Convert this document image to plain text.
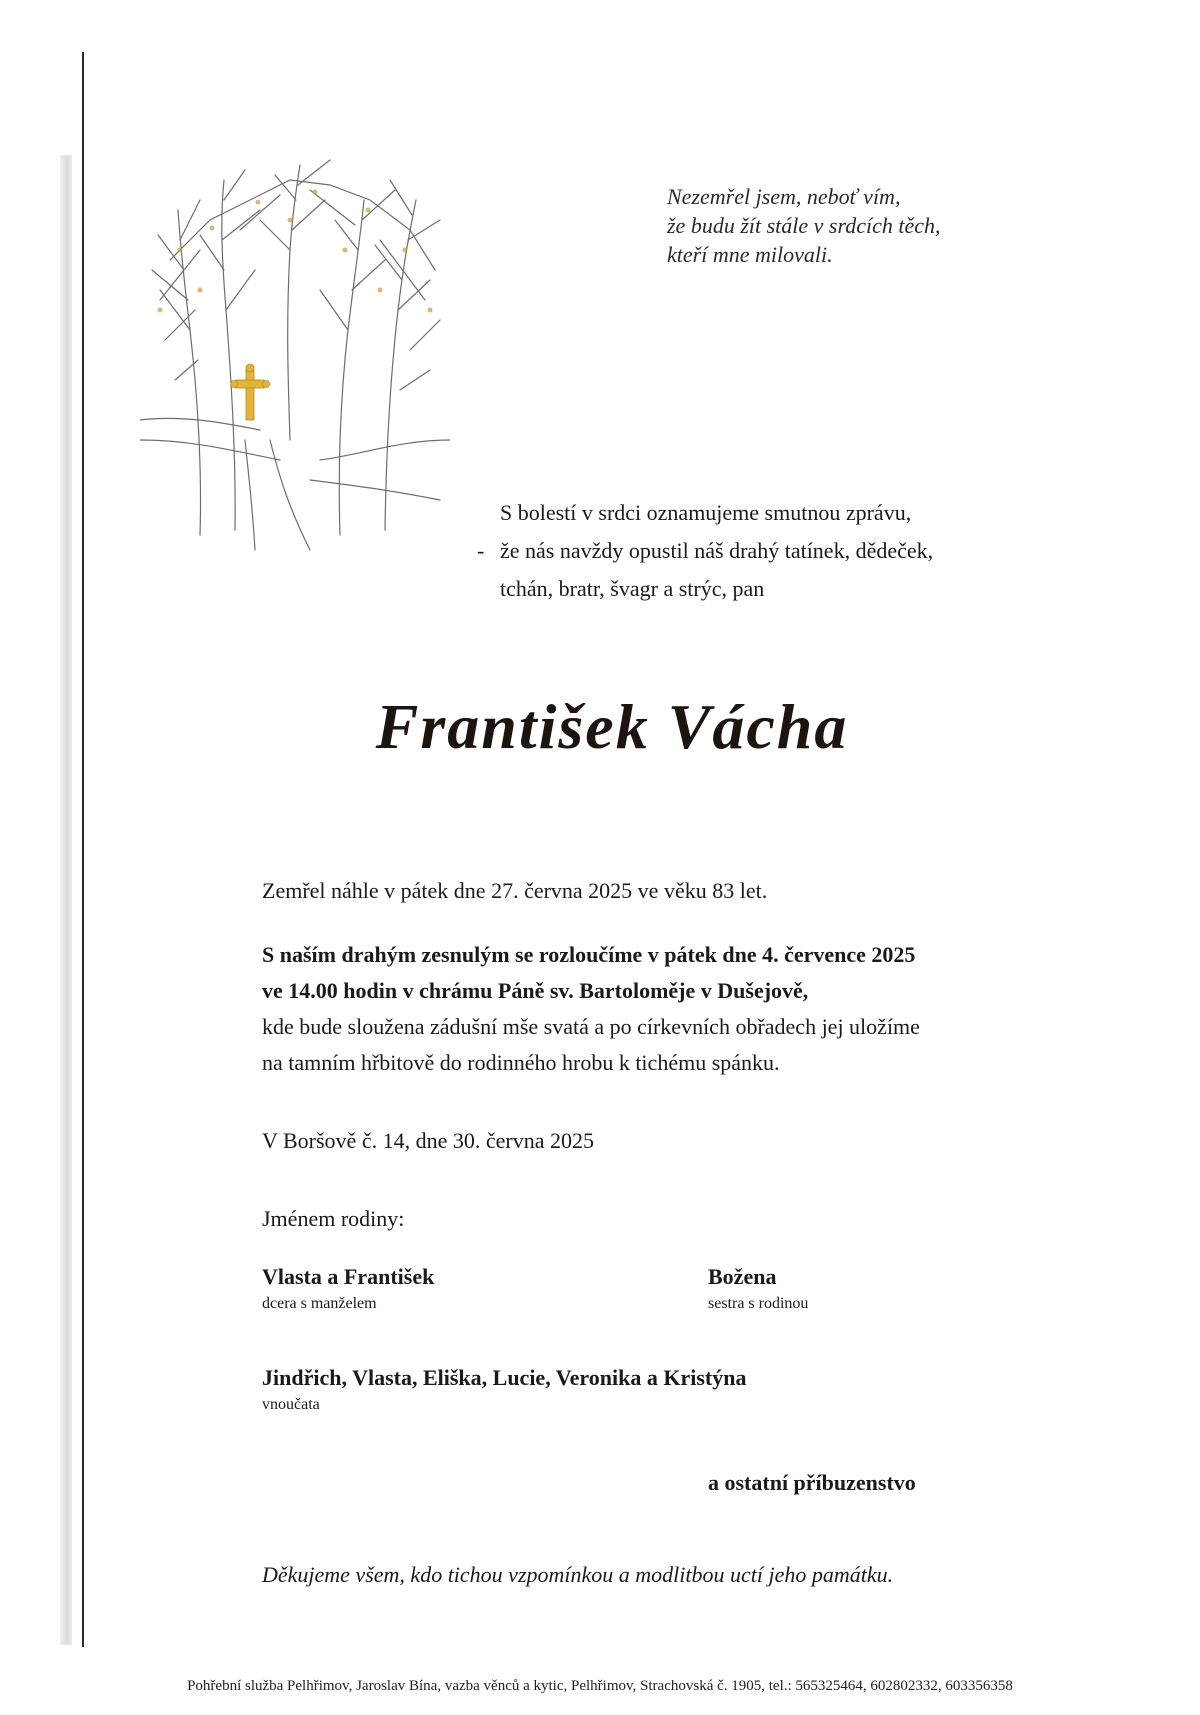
Nezemřel jsem, neboť vím,
že budu žít stále v srdcích těch,
kteří mne milovali.
S bolestí v srdci oznamujeme smutnou zprávu,
- že nás navždy opustil náš drahý tatínek, dědeček,
tchán, bratr, švagr a strýc, pan
František Vácha
Zemřel náhle v pátek dne 27. června 2025 ve věku 83 let.
S naším drahým zesnulým se rozloučíme v pátek dne 4. července 2025
ve 14.00 hodin v chrámu Páně sv. Bartoloměje v Dušejově,
kde bude sloužena zádušní mše svatá a po církevních obřadech jej uložíme
na tamním hřbitově do rodinného hrobu k tichému spánku.
V Boršově č. 14, dne 30. června 2025
Jménem rodiny:
Vlasta a František
dcera s manželem
Božena
sestra s rodinou
Jindřich, Vlasta, Eliška, Lucie, Veronika a Kristýna
vnoučata
a ostatní příbuzenstvo
Děkujeme všem, kdo tichou vzpomínkou a modlitbou uctí jeho památku.
Pohřební služba Pelhřimov, Jaroslav Bína, vazba věnců a kytic, Pelhřimov, Strachovská č. 1905, tel.: 565325464, 602802332, 603356358
